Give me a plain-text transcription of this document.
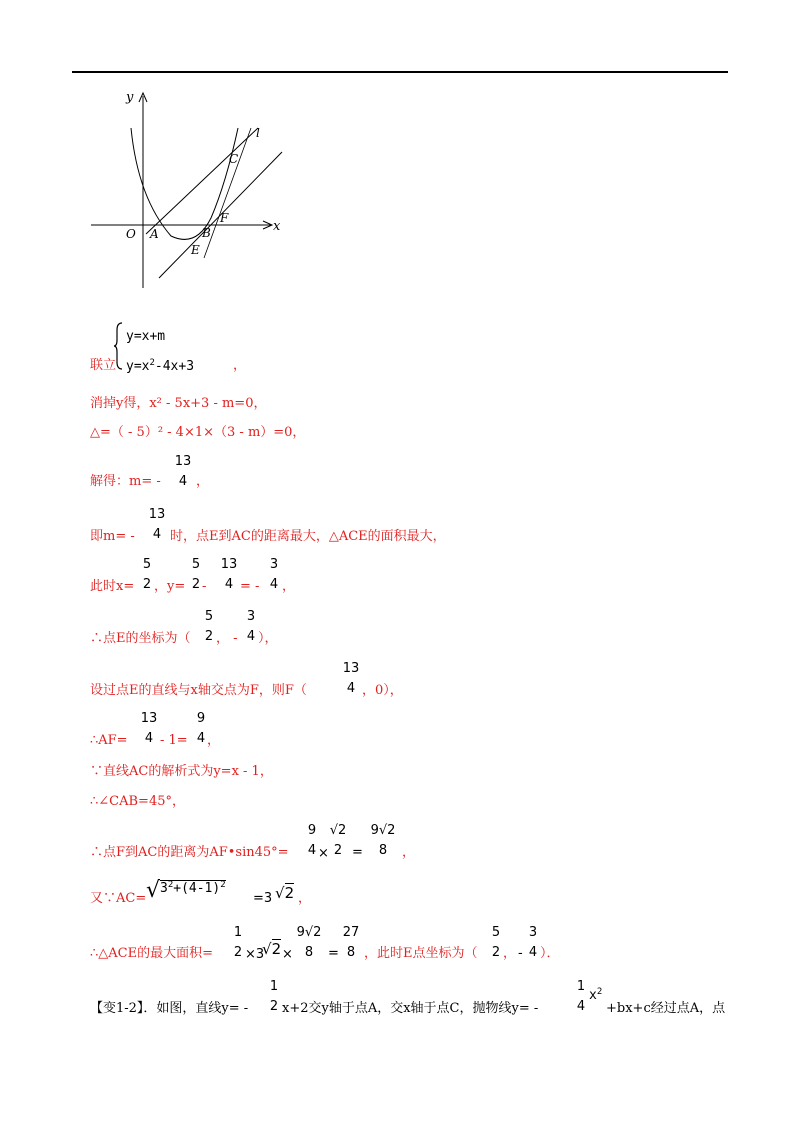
y
x
O A	B
C
E
F
l
联立
y=x+m
$y=x^2-4x+3$	，
消掉y得，x² - 5x+3 - m=0，
△=（ - 5）² - 4×1×（3 - m）=0，
解得：m= -
13
4 ，
即m= -
13
4 时，点E到AC的距离最大，△ACE的面积最大，
此时x=
5
2 ，y=
5
2 -
13
4 = -
3
4 ，
∴点E的坐标为（
5
2 ， -
3
4 ），
设过点E的直线与x轴交点为F，则F（
13
4 ，0），
∴AF=
13
4 - 1=
9
4 ，
∵直线AC的解析式为y=x - 1，
∴∠CAB=45°，
∴点F到AC的距离为AF•sin45°=
9
4 ×
√2
2 =
9√2
8	，
又∵AC= √ $3^2+(4-1)^2$
=3 √2 ，
∴△ACE的最大面积=
1
2 ×3
√2 ×
9√2
8	=
27
8 ，此时E点坐标为（
5
2 ， -
3
4 ）．
【变1-2】．如图，直线y= -
1
2 x+2交y轴于点A，交x轴于点C，抛物线y= -
1
4
$x^2$
+bx+c经过点A，点
